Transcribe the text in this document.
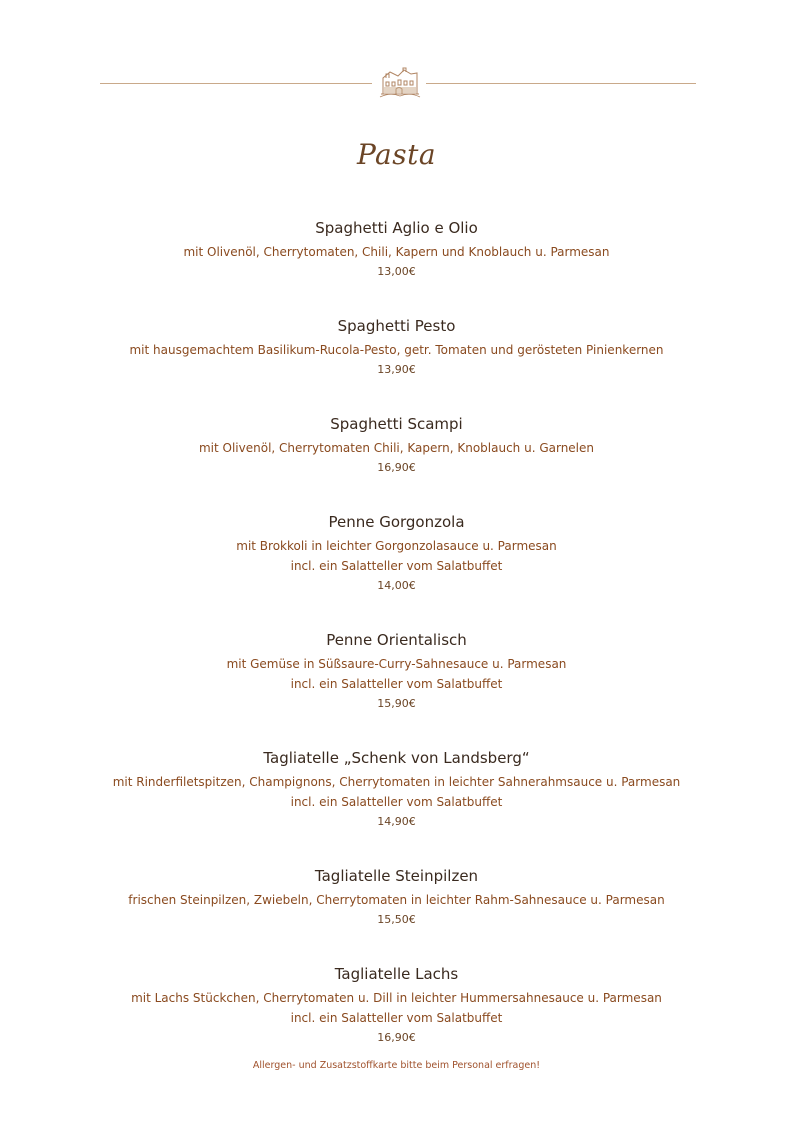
Pasta
Spaghetti Aglio e Olio
mit Olivenöl, Cherrytomaten, Chili, Kapern und Knoblauch u. Parmesan
13,00€
Spaghetti Pesto
mit hausgemachtem Basilikum-Rucola-Pesto, getr. Tomaten und gerösteten Pinienkernen
13,90€
Spaghetti Scampi
mit Olivenöl, Cherrytomaten Chili, Kapern, Knoblauch u. Garnelen
16,90€
Penne Gorgonzola
mit Brokkoli in leichter Gorgonzolasauce u. Parmesan
incl. ein Salatteller vom Salatbuffet
14,00€
Penne Orientalisch
mit Gemüse in Süßsaure-Curry-Sahnesauce u. Parmesan
incl. ein Salatteller vom Salatbuffet
15,90€
Tagliatelle „Schenk von Landsberg“
mit Rinderfiletspitzen, Champignons, Cherrytomaten in leichter Sahnerahmsauce u. Parmesan
incl. ein Salatteller vom Salatbuffet
14,90€
Tagliatelle Steinpilzen
frischen Steinpilzen, Zwiebeln, Cherrytomaten in leichter Rahm-Sahnesauce u. Parmesan
15,50€
Tagliatelle Lachs
mit Lachs Stückchen, Cherrytomaten u. Dill in leichter Hummersahnesauce u. Parmesan
incl. ein Salatteller vom Salatbuffet
16,90€
Allergen- und Zusatzstoffkarte bitte beim Personal erfragen!
